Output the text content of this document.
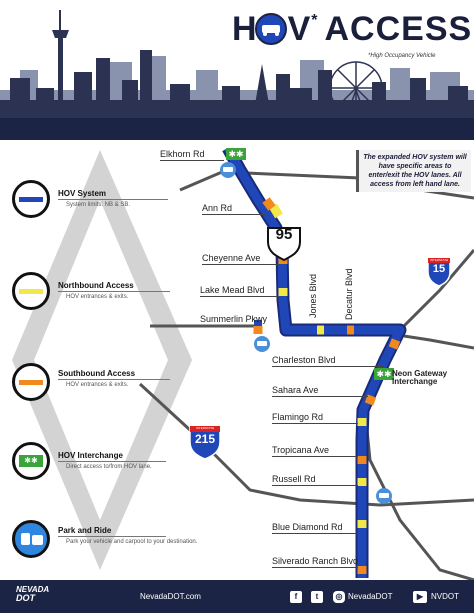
H V* ACCESS
*High Occupancy Vehicle
✱✱
✱✱
95
INTERSTATE
15
INTERSTATE
215
Elkhorn Rd
Ann Rd
Cheyenne Ave
Lake Mead Blvd
Summerlin Pkwy
Jones Blvd	Decatur Blvd
Charleston Blvd
Neon Gateway Interchange
Sahara Ave
Flamingo Rd
Tropicana Ave
Russell Rd
Blue Diamond Rd
Silverado Ranch Blvd
The expanded HOV system will have specific areas to enter/exit the HOV lanes. All access from left hand lane.
HOV System
System limits: NB & SB.
Northbound Access
HOV entrances & exits.
Southbound Access
HOV entrances & exits.
✱✱
HOV Interchange
Direct access to/from HOV lane.
Park and Ride
Park your vehicle and carpool to your destination.
NEVADA
DOT	NevadaDOT.com	f	t	◎ NevadaDOT	▶ NVDOT
